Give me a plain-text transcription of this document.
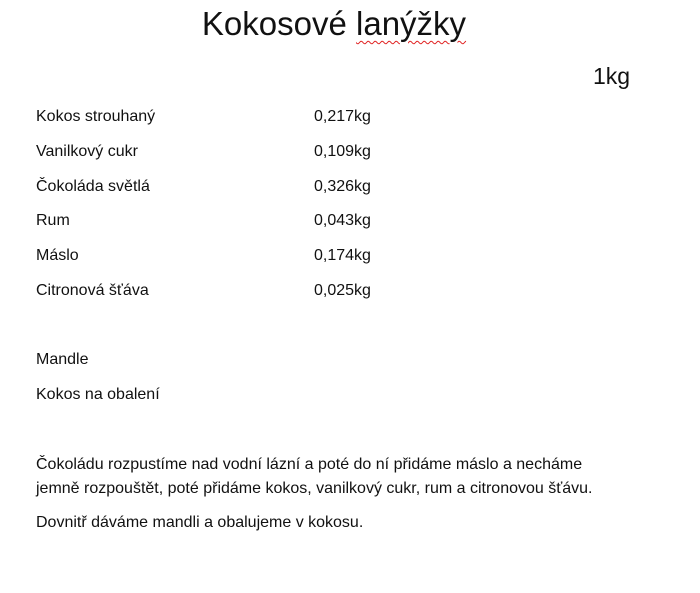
Kokosové lanýžky
1kg
Kokos strouhaný	0,217kg
Vanilkový cukr	0,109kg
Čokoláda světlá	0,326kg
Rum	0,043kg
Máslo	0,174kg
Citronová šťáva	0,025kg
Mandle
Kokos na obalení

Čokoládu rozpustíme nad vodní lázní a poté do ní přidáme máslo a necháme jemně rozpouštět, poté přidáme kokos, vanilkový cukr, rum a citronovou šťávu.

Dovnitř dáváme mandli a obalujeme v kokosu.
